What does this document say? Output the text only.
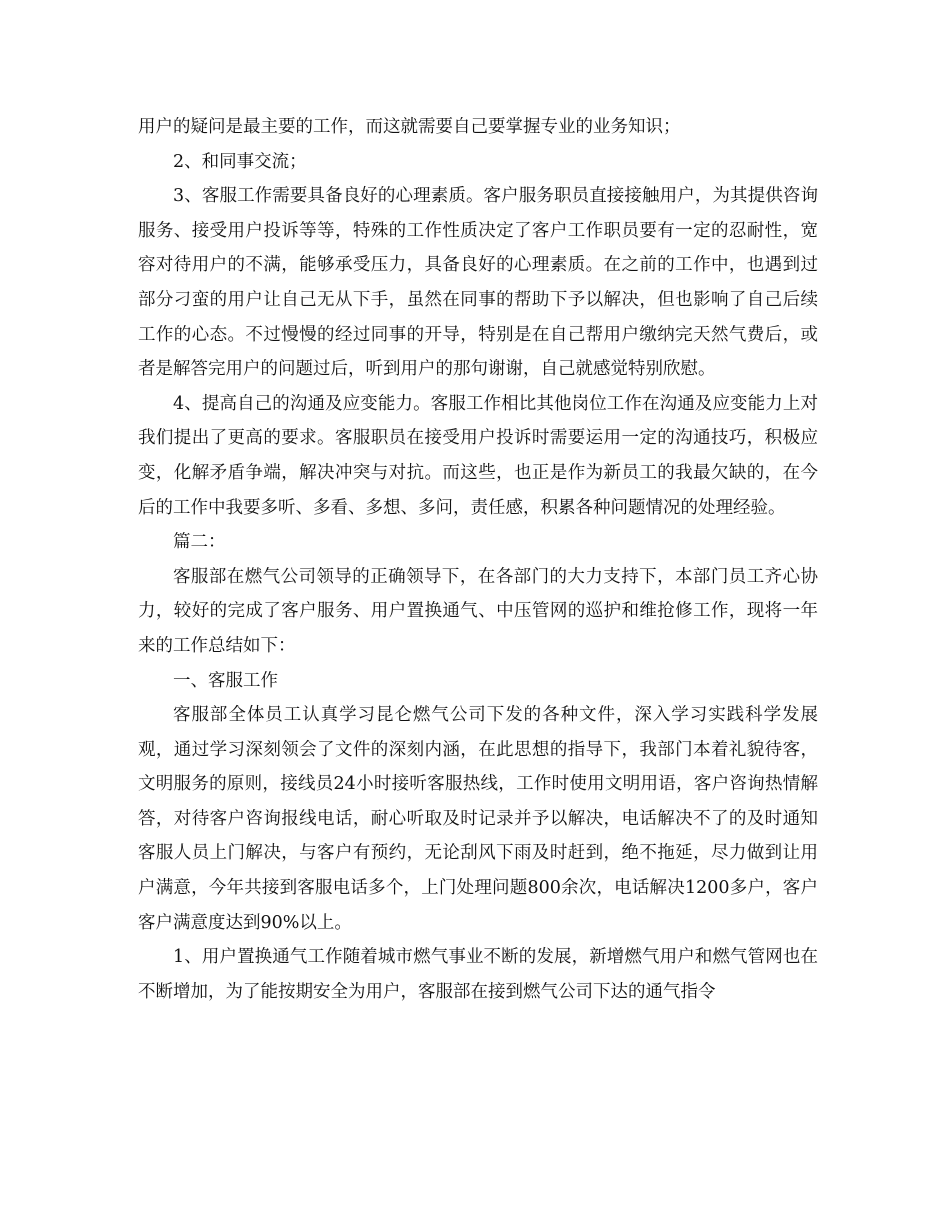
用户的疑问是最主要的工作，而这就需要自己要掌握专业的业务知识；

2、和同事交流；

3、客服工作需要具备良好的心理素质。客户服务职员直接接触用户，为其提供咨询服务、接受用户投诉等等，特殊的工作性质决定了客户工作职员要有一定的忍耐性，宽容对待用户的不满，能够承受压力，具备良好的心理素质。在之前的工作中，也遇到过部分刁蛮的用户让自己无从下手，虽然在同事的帮助下予以解决，但也影响了自己后续工作的心态。不过慢慢的经过同事的开导，特别是在自己帮用户缴纳完天然气费后，或者是解答完用户的问题过后，听到用户的那句谢谢，自己就感觉特别欣慰。

4、提高自己的沟通及应变能力。客服工作相比其他岗位工作在沟通及应变能力上对我们提出了更高的要求。客服职员在接受用户投诉时需要运用一定的沟通技巧，积极应变，化解矛盾争端，解决冲突与对抗。而这些，也正是作为新员工的我最欠缺的，在今后的工作中我要多听、多看、多想、多问，责任感，积累各种问题情况的处理经验。

篇二：

客服部在燃气公司领导的正确领导下，在各部门的大力支持下，本部门员工齐心协力，较好的完成了客户服务、用户置换通气、中压管网的巡护和维抢修工作，现将一年来的工作总结如下：

一、客服工作

客服部全体员工认真学习昆仑燃气公司下发的各种文件，深入学习实践科学发展观，通过学习深刻领会了文件的深刻内涵，在此思想的指导下，我部门本着礼貌待客，文明服务的原则，接线员24小时接听客服热线，工作时使用文明用语，客户咨询热情解答，对待客户咨询报线电话，耐心听取及时记录并予以解决，电话解决不了的及时通知客服人员上门解决，与客户有预约，无论刮风下雨及时赶到，绝不拖延，尽力做到让用户满意，今年共接到客服电话多个，上门处理问题800余次，电话解决1200多户，客户客户满意度达到90%以上。

1、用户置换通气工作随着城市燃气事业不断的发展，新增燃气用户和燃气管网也在不断增加，为了能按期安全为用户，客服部在接到燃气公司下达的通气指令
